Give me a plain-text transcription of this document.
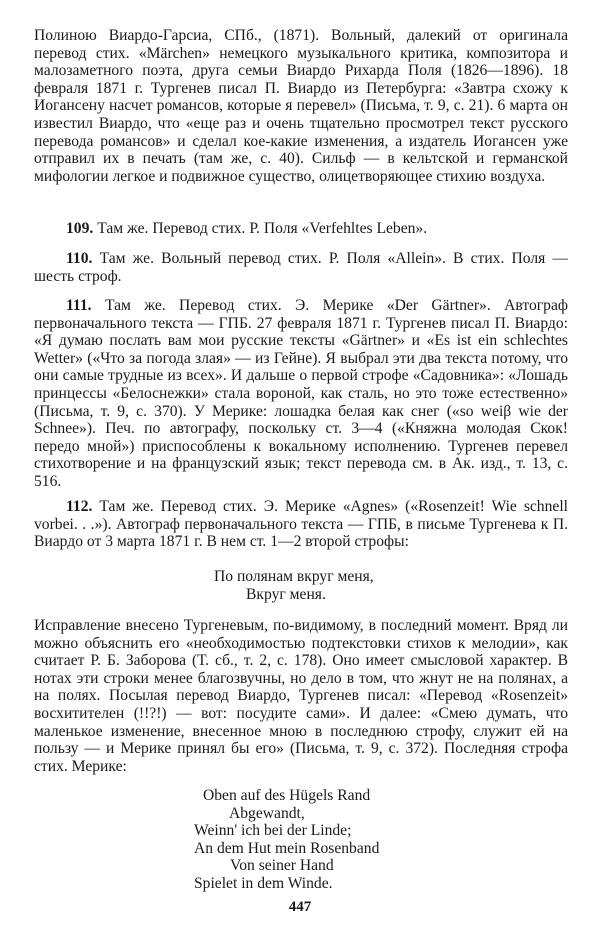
Полиною Виардо-Гарсиа, СПб., (1871). Вольный, далекий от оригинала перевод стих. «Märchen» немецкого музыкального критика, композитора и малозаметного поэта, друга семьи Виардо Рихарда Поля (1826—1896). 18 февраля 1871 г. Тургенев писал П. Виардо из Петербурга: «Завтра схожу к Иогансену насчет романсов, которые я перевел» (Письма, т. 9, с. 21). 6 марта он известил Виардо, что «еще раз и очень тщательно просмотрел текст русского перевода романсов» и сделал кое-какие изменения, а издатель Иогансен уже отправил их в печать (там же, с. 40). Сильф — в кельтской и германской мифологии легкое и подвижное существо, олицетворяющее стихию воздуха.

109. Там же. Перевод стих. Р. Поля «Verfehltes Leben».

110. Там же. Вольный перевод стих. Р. Поля «Allein». В стих. Поля — шесть строф.

111. Там же. Перевод стих. Э. Мерике «Der Gärtner». Автограф первоначального текста — ГПБ. 27 февраля 1871 г. Тургенев писал П. Виардо: «Я думаю послать вам мои русские тексты «Gärtner» и «Es ist ein schlechtes Wetter» («Что за погода злая» — из Гейне). Я выбрал эти два текста потому, что они самые трудные из всех». И дальше о первой строфе «Садовника»: «Лошадь принцессы «Белоснежки» стала вороной, как сталь, но это тоже естественно» (Письма, т. 9, с. 370). У Мерике: лошадка белая как снег («so weiβ wie der Schnee»). Печ. по автографу, поскольку ст. 3—4 («Княжна молодая Скок! передо мной») приспособлены к вокальному исполнению. Тургенев перевел стихотворение и на французский язык; текст перевода см. в Ак. изд., т. 13, с. 516.

112. Там же. Перевод стих. Э. Мерике «Agnes» («Rosenzeit! Wie schnell vorbei. . .»). Автограф первоначального текста — ГПБ, в письме Тургенева к П. Виардо от 3 марта 1871 г. В нем ст. 1—2 второй строфы:

По полянам вкруг меня,
Вкруг меня.

Исправление внесено Тургеневым, по-видимому, в последний момент. Вряд ли можно объяснить его «необходимостью подтекстовки стихов к мелодии», как считает Р. Б. Заборова (Т. сб., т. 2, с. 178). Оно имеет смысловой характер. В нотах эти строки менее благозвучны, но дело в том, что жнут не на полянах, а на полях. Посылая перевод Виардо, Тургенев писал: «Перевод «Rosenzeit» восхитителен (!!?!) — вот: посудите сами». И далее: «Смею думать, что маленькое изменение, внесенное мною в последнюю строфу, служит ей на пользу — и Мерике принял бы его» (Письма, т. 9, с. 372). Последняя строфа стих. Мерике:

Oben auf des Hügels Rand
Abgewandt,
Weinn' ich bei der Linde;
An dem Hut mein Rosenband
Von seiner Hand
Spielet in dem Winde.
447
